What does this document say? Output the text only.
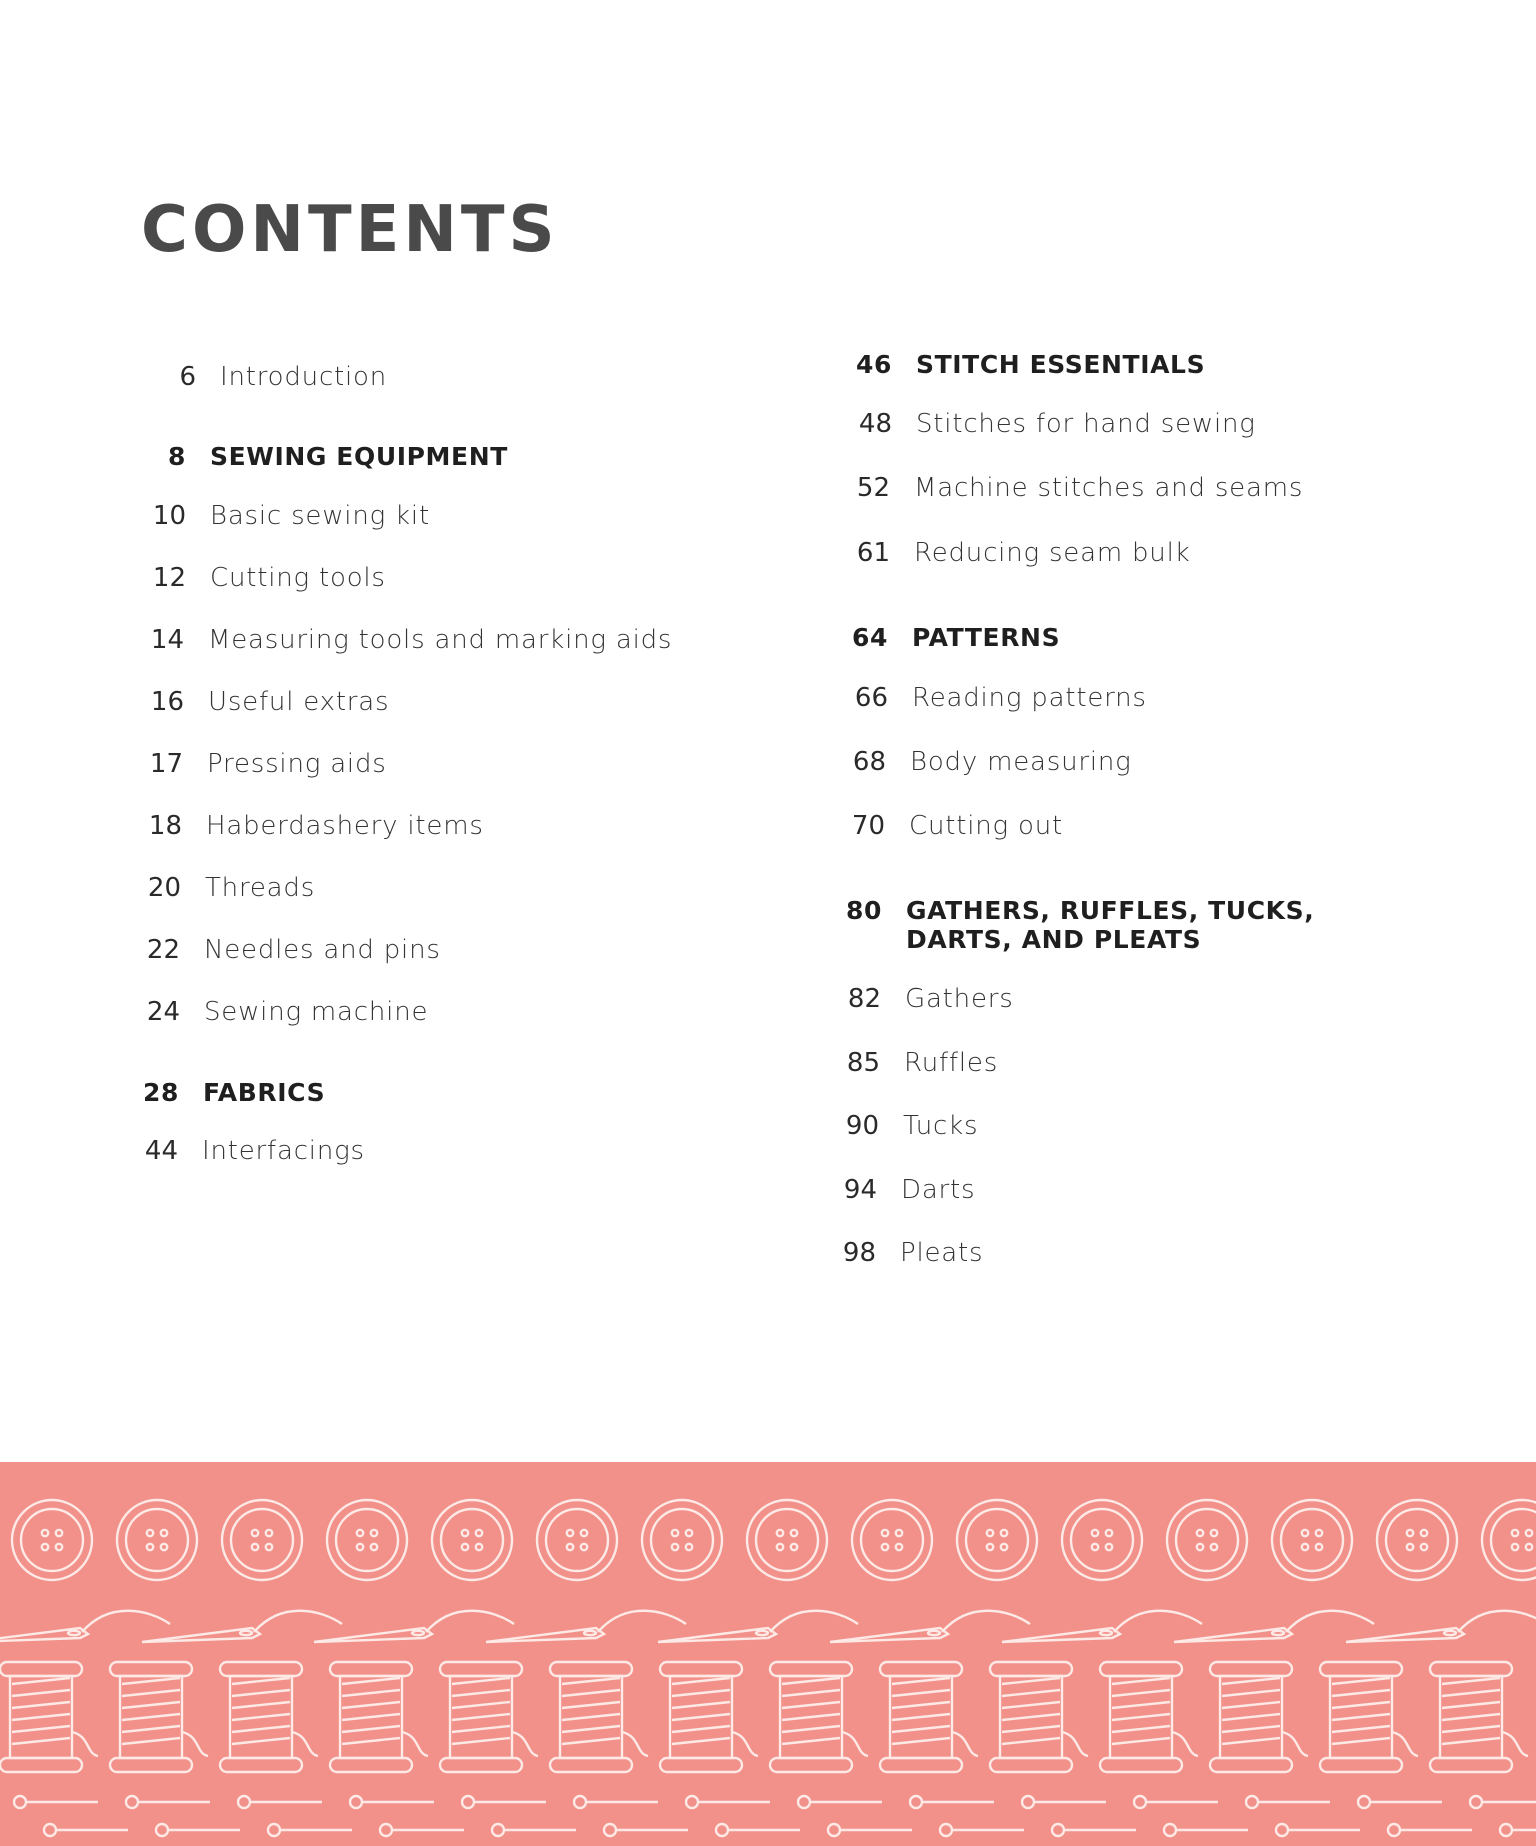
CONTENTS
6 Introduction
8 SEWING EQUIPMENT
10 Basic sewing kit
12 Cutting tools
14 Measuring tools and marking aids
16 Useful extras
17 Pressing aids
18 Haberdashery items
20 Threads
22 Needles and pins
24 Sewing machine
28 FABRICS
44 Interfacings
46 STITCH ESSENTIALS
48 Stitches for hand sewing
52 Machine stitches and seams
61 Reducing seam bulk
64 PATTERNS
66 Reading patterns
68 Body measuring
70 Cutting out
80 GATHERS, RUFFLES, TUCKS, DARTS, AND PLEATS
82 Gathers
85 Ruffles
90 Tucks
94 Darts
98 Pleats
